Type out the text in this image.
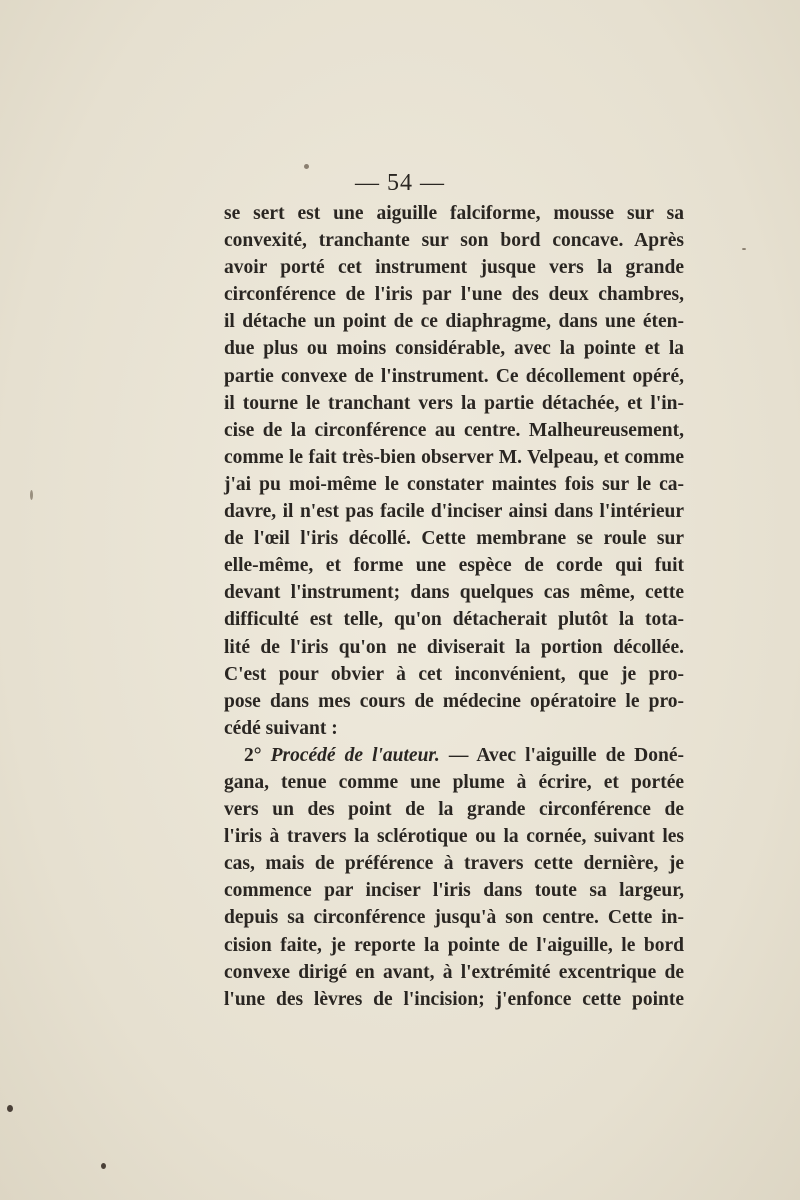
— 54 —
se sert est une aiguille falciforme, mousse sur sa
convexité, tranchante sur son bord concave. Après
avoir porté cet instrument jusque vers la grande
circonférence de l'iris par l'une des deux chambres,
il détache un point de ce diaphragme, dans une éten-
due plus ou moins considérable, avec la pointe et la
partie convexe de l'instrument. Ce décollement opéré,
il tourne le tranchant vers la partie détachée, et l'in-
cise de la circonférence au centre. Malheureusement,
comme le fait très-bien observer M. Velpeau, et comme
j'ai pu moi-même le constater maintes fois sur le ca-
davre, il n'est pas facile d'inciser ainsi dans l'intérieur
de l'œil l'iris décollé. Cette membrane se roule sur
elle-même, et forme une espèce de corde qui fuit
devant l'instrument; dans quelques cas même, cette
difficulté est telle, qu'on détacherait plutôt la tota-
lité de l'iris qu'on ne diviserait la portion décollée.
C'est pour obvier à cet inconvénient, que je pro-
pose dans mes cours de médecine opératoire le pro-
cédé suivant :
2° Procédé de l'auteur. — Avec l'aiguille de Doné-
gana, tenue comme une plume à écrire, et portée
vers un des point de la grande circonférence de
l'iris à travers la sclérotique ou la cornée, suivant les
cas, mais de préférence à travers cette dernière, je
commence par inciser l'iris dans toute sa largeur,
depuis sa circonférence jusqu'à son centre. Cette in-
cision faite, je reporte la pointe de l'aiguille, le bord
convexe dirigé en avant, à l'extrémité excentrique de
l'une des lèvres de l'incision; j'enfonce cette pointe
